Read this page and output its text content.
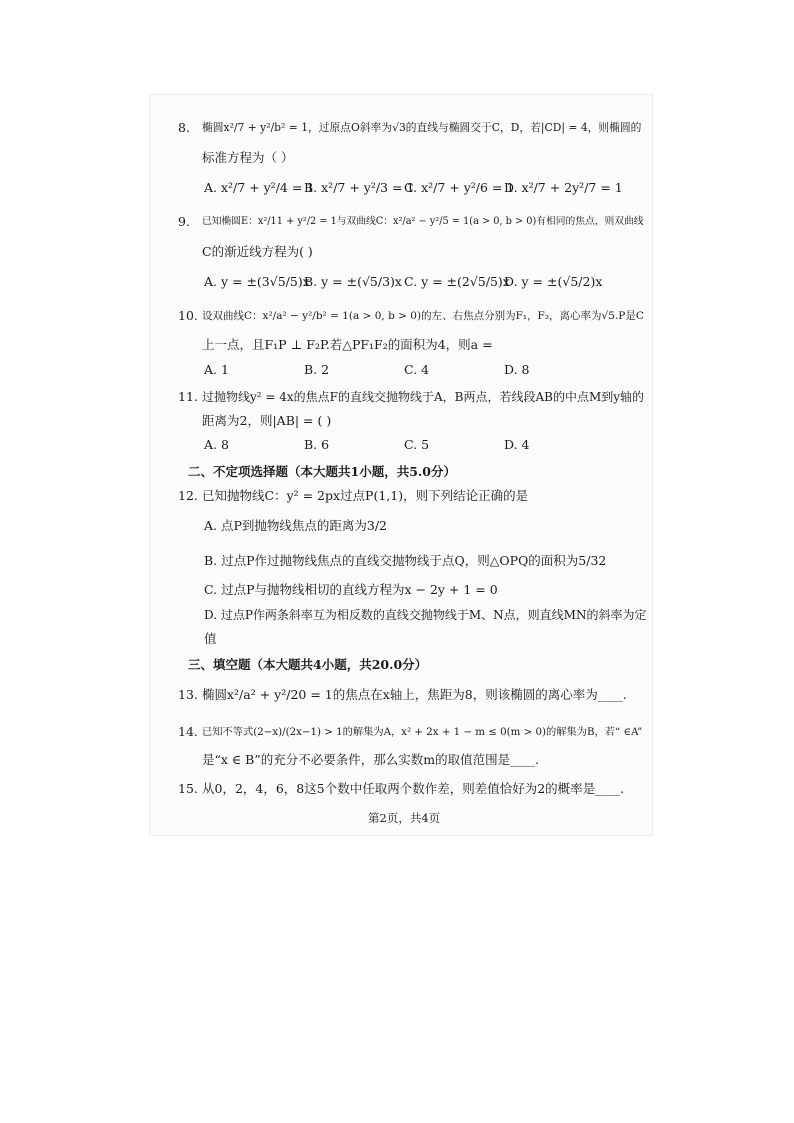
8. 椭圆x²/7 + y²/b² = 1，过原点O斜率为√3的直线与椭圆交于C，D，若|CD| = 4，则椭圆的
标准方程为（ ）
A. x²/7 + y²/4 = 1
B. x²/7 + y²/3 = 1
C. x²/7 + y²/6 = 1
D. x²/7 + 2y²/7 = 1
9. 已知椭圆E：x²/11 + y²/2 = 1与双曲线C：x²/a² − y²/5 = 1(a > 0, b > 0)有相同的焦点，则双曲线
C的渐近线方程为( )
A. y = ±(3√5/5)x
B. y = ±(√5/3)x C. y = ±(2√5/5)x
D. y = ±(√5/2)x
10. 设双曲线C：x²/a² − y²/b² = 1(a > 0, b > 0)的左、右焦点分别为F₁，F₂，离心率为√5.P是C
上一点，且F₁P ⊥ F₂P.若△PF₁F₂的面积为4，则a =
A. 1	B. 2	C. 4	D. 8
11. 过抛物线y² = 4x的焦点F的直线交抛物线于A，B两点，若线段AB的中点M到y轴的
距离为2，则|AB| = ( )
A. 8	B. 6	C. 5	D. 4
二、不定项选择题（本大题共1小题，共5.0分）
12. 已知抛物线C：y² = 2px过点P(1,1)，则下列结论正确的是
A. 点P到抛物线焦点的距离为3/2
B. 过点P作过抛物线焦点的直线交抛物线于点Q，则△OPQ的面积为5/32
C. 过点P与抛物线相切的直线方程为x − 2y + 1 = 0
D. 过点P作两条斜率互为相反数的直线交抛物线于M、N点，则直线MN的斜率为定
值
三、填空题（本大题共4小题，共20.0分）
13. 椭圆x²/a² + y²/20 = 1的焦点在x轴上，焦距为8，则该椭圆的离心率为____.
14. 已知不等式(2−x)/(2x−1) > 1的解集为A，x² + 2x + 1 − m ≤ 0(m > 0)的解集为B，若“ ∈A”
是“x ∈ B”的充分不必要条件，那么实数m的取值范围是____.
15. 从0，2，4，6，8这5个数中任取两个数作差，则差值恰好为2的概率是____.
第2页，共4页
